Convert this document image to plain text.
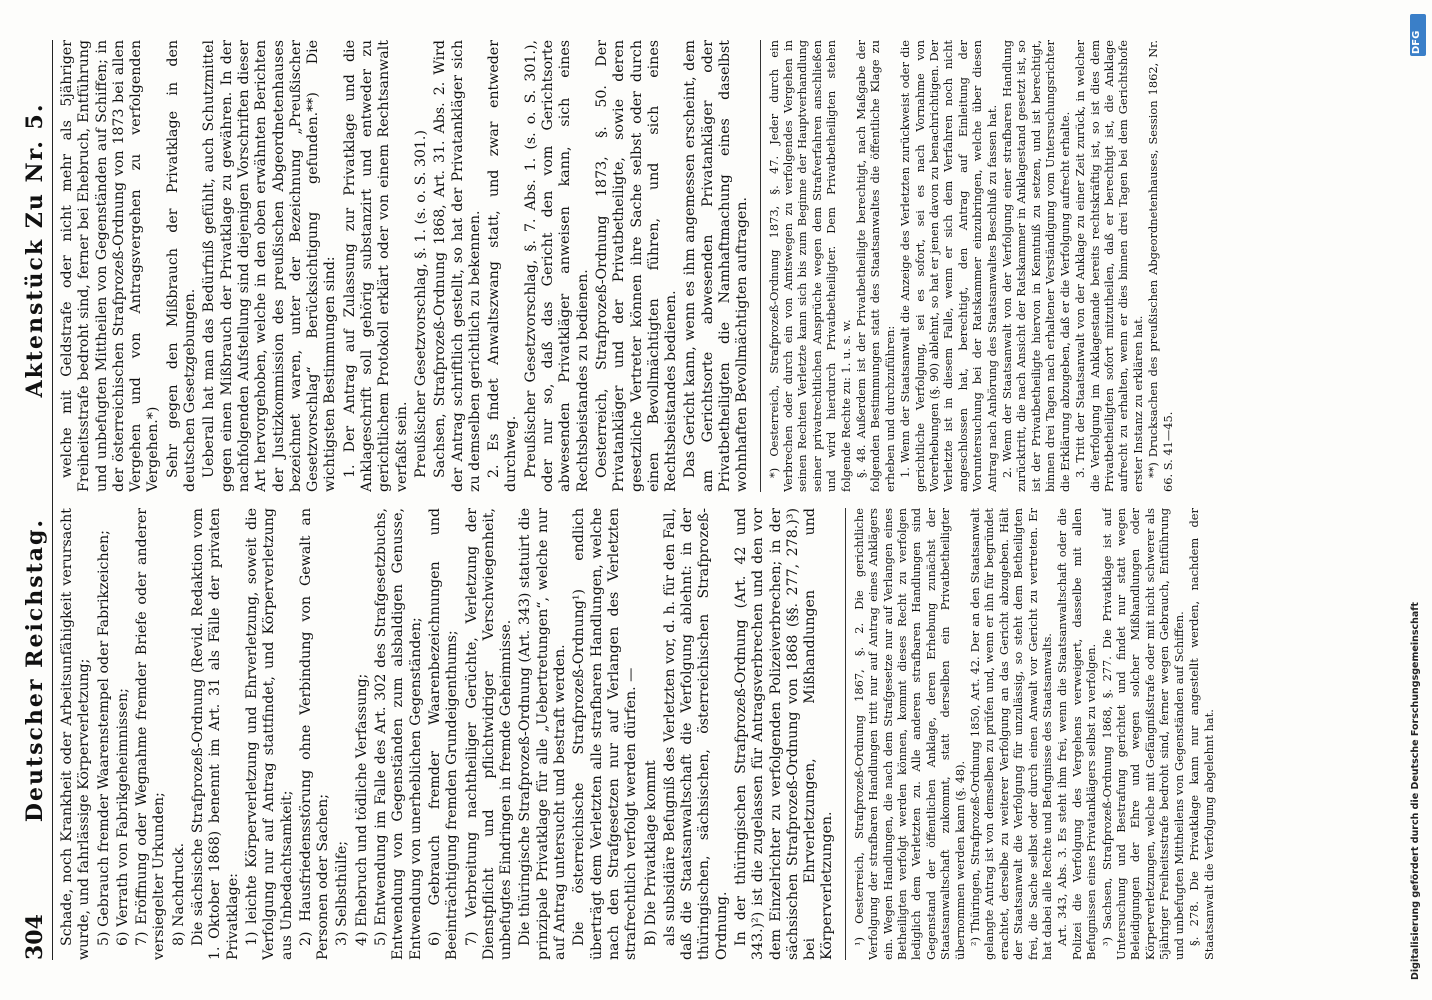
304
Deutscher Reichstag.
Aktenstück Zu Nr. 5.

Schade, noch Krankheit oder Arbeitsunfähigkeit verursacht wurde, und fahrlässige Körperverletzung; 5) Gebrauch fremder Waarenstempel oder Fabrikzeichen; 6) Verrath von Fabrikgeheimnissen; 7) Eröffnung oder Wegnahme fremder Briefe oder anderer versiegelter Urkunden; 8) Nachdruck. Die sächsische Strafprozeß-Ordnung (Revid. Redaktion vom 1. Oktober 1868) benennt im Art. 31 als Fälle der privaten Privatklage: 1) leichte Körperverletzung und Ehrverletzung, soweit die Verfolgung nur auf Antrag stattfindet, und Körperverletzung aus Unbedachtsamkeit; 2) Hausfriedensstörung ohne Verbindung von Gewalt an Personen oder Sachen; 3) Selbsthülfe; 4) Ehebruch und tödliche Verfassung; 5) Entwendung im Falle des Art. 302 des Strafgesetzbuchs, Entwendung von Gegenständen zum alsbaldigen Genusse, Entwendung von unerheblichen Gegenständen; 6) Gebrauch fremder Waarenbezeichnungen und Beeinträchtigung fremden Grundeigenthums; 7) Verbreitung nachtheiliger Gerüchte, Verletzung der Dienstpflicht und pflichtwidriger Verschwiegenheit, unbefugtes Eindringen in fremde Geheimnisse. Die thüringische Strafprozeß-Ordnung (Art. 343) statuirt die prinzipale Privatklage für alle „Uebertretungen“, welche nur auf Antrag untersucht und bestraft werden. Die österreichische Strafprozeß-Ordnung¹) endlich überträgt dem Verletzten alle strafbaren Handlungen, welche nach den Strafgesetzen nur auf Verlangen des Verletzten strafrechtlich verfolgt werden dürfen. — B) Die Privatklage kommt als subsidiäre Befugniß des Verletzten vor, d. h. für den Fall, daß die Staatsanwaltschaft die Verfolgung ablehnt: in der thüringischen, sächsischen, österreichischen Strafprozeß-Ordnung. In der thüringischen Strafprozeß-Ordnung (Art. 42 und 343.)²) ist die zugelassen für Antragsverbrechen und den vor dem Einzelrichter zu verfolgenden Polizeiverbrechen; in der sächsischen Strafprozeß-Ordnung von 1868 (§§. 277, 278.)³) bei Ehrverletzungen, Mißhandlungen und Körperverletzungen. ¹) Oesterreich, Strafprozeß-Ordnung 1867, §. 2. Die gerichtliche Verfolgung der strafbaren Handlungen tritt nur auf Antrag eines Anklägers ein. Wegen Handlungen, die nach dem Strafgesetze nur auf Verlangen eines Betheiligten verfolgt werden können, kommt dieses Recht zu verfolgen lediglich dem Verletzten zu. Alle anderen strafbaren Handlungen sind Gegenstand der öffentlichen Anklage, deren Erhebung zunächst der Staatsanwaltschaft zukommt, statt derselben ein Privatbetheiligter übernommen werden kann (§. 48). ²) Thüringen, Strafprozeß-Ordnung 1850, Art. 42. Der an den Staatsanwalt gelangte Antrag ist von demselben zu prüfen und, wenn er ihn für begründet erachtet, derselbe zu weiterer Verfolgung an das Gericht abzugeben. Hält der Staatsanwalt die Verfolgung für unzulässig, so steht dem Betheiligten frei, die Sache selbst oder durch einen Anwalt vor Gericht zu vertreten. Er hat dabei alle Rechte und Befugnisse des Staatsanwalts. Art. 343, Abs. 3. Es steht ihm frei, wenn die Staatsanwaltschaft oder die Polizei die Verfolgung des Vergehens verweigert, dasselbe mit allen Befugnissen eines Privatanklägers selbst zu verfolgen. ³) Sachsen, Strafprozeß-Ordnung 1868, §. 277. Die Privatklage ist auf Untersuchung und Bestrafung gerichtet und findet nur statt wegen Beleidigungen der Ehre und wegen solcher Mißhandlungen oder Körperverletzungen, welche mit Gefängnißstrafe oder mit nicht schwerer als 5jähriger Freiheitsstrafe bedroht sind, ferner wegen Gebrauch, Entführung und unbefugten Mittheilens von Gegenständen auf Schiffen. §. 278. Die Privatklage kann nur angestellt werden, nachdem der Staatsanwalt die Verfolgung abgelehnt hat.

welche mit Geldstrafe oder nicht mehr als 5jähriger Freiheitsstrafe bedroht sind, ferner bei Ehebruch, Entführung und unbefugten Mittheilen von Gegenständen auf Schiffen; in der österreichischen Strafprozeß-Ordnung von 1873 bei allen Vergehen und von Antragsvergehen zu verfolgenden Vergehen.*) Sehr gegen den Mißbrauch der Privatklage in den deutschen Gesetzgebungen. Ueberall hat man das Bedürfniß gefühlt, auch Schutzmittel gegen einen Mißbrauch der Privatklage zu gewähren. In der nachfolgenden Aufstellung sind diejenigen Vorschriften dieser Art hervorgehoben, welche in den oben erwähnten Berichten der Justizkommission des preußischen Abgeordnetenhauses bezeichnet waren, unter der Bezeichnung „Preußischer Gesetzvorschlag“ Berücksichtigung gefunden.**) Die wichtigsten Bestimmungen sind: 1. Der Antrag auf Zulassung zur Privatklage und die Anklageschrift soll gehörig substanzirt und entweder zu gerichtlichem Protokoll erklärt oder von einem Rechtsanwalt verfaßt sein. Preußischer Gesetzvorschlag, §. 1. (s. o. S. 301.) Sachsen, Strafprozeß-Ordnung 1868, Art. 31. Abs. 2. Wird der Antrag schriftlich gestellt, so hat der Privatankläger sich zu demselben gerichtlich zu bekennen. 2. Es findet Anwaltszwang statt, und zwar entweder durchweg. Preußischer Gesetzvorschlag, §. 7. Abs. 1. (s. o. S. 301.), oder nur so, daß das Gericht den vom Gerichtsorte abwesenden Privatkläger anweisen kann, sich eines Rechtsbeistandes zu bedienen. Oesterreich, Strafprozeß-Ordnung 1873, §. 50. Der Privatankläger und der Privatbetheiligte, sowie deren gesetzliche Vertreter können ihre Sache selbst oder durch einen Bevollmächtigten führen, und sich eines Rechtsbeistandes bedienen. Das Gericht kann, wenn es ihm angemessen erscheint, dem am Gerichtsorte abwesenden Privatankläger oder Privatbetheiligten die Namhaftmachung eines daselbst wohnhaften Bevollmächtigten auftragen. *) Oesterreich, Strafprozeß-Ordnung 1873, §. 47. Jeder durch ein Verbrechen oder durch ein von Amtswegen zu verfolgendes Vergehen in seinen Rechten Verletzte kann sich bis zum Beginne der Hauptverhandlung seiner privatrechtlichen Ansprüche wegen dem Strafverfahren anschließen und wird hierdurch Privatbetheiligter. Dem Privatbetheiligten stehen folgende Rechte zu: 1. u. s. w. §. 48. Außerdem ist der Privatbetheiligte berechtigt, nach Maßgabe der folgenden Bestimmungen statt des Staatsanwaltes die öffentliche Klage zu erheben und durchzuführen: 1. Wenn der Staatsanwalt die Anzeige des Verletzten zurückweist oder die gerichtliche Verfolgung, sei es sofort, sei es nach Vornahme von Vorerhebungen (§. 90) ablehnt, so hat er jenen davon zu benachrichtigen. Der Verletzte ist in diesem Falle, wenn er sich dem Verfahren noch nicht angeschlossen hat, berechtigt, den Antrag auf Einleitung der Voruntersuchung bei der Ratskammer einzubringen, welche über diesen Antrag nach Anhörung des Staatsanwaltes Beschluß zu fassen hat. 2. Wenn der Staatsanwalt von der Verfolgung einer strafbaren Handlung zurücktritt, die nach Ansicht der Ratskammer in Anklagestand gesetzt ist, so ist der Privatbetheiligte hiervon in Kenntniß zu setzen, und ist berechtigt, binnen drei Tagen nach erhaltener Verständigung vom Untersuchungsrichter die Erklärung abzugeben, daß er die Verfolgung aufrecht erhalte. 3. Tritt der Staatsanwalt von der Anklage zu einer Zeit zurück, in welcher die Verfolgung im Anklagestande bereits rechtskräftig ist, so ist dies dem Privatbetheiligten sofort mitzutheilen, daß er berechtigt ist, die Anklage aufrecht zu erhalten, wenn er dies binnen drei Tagen bei dem Gerichtshofe erster Instanz zu erklären hat. **) Drucksachen des preußischen Abgeordnetenhauses, Session 1862, Nr. 66. S. 41—45.

Digitalisierung gefördert durch die Deutsche Forschungsgemeinschaft
DFG
